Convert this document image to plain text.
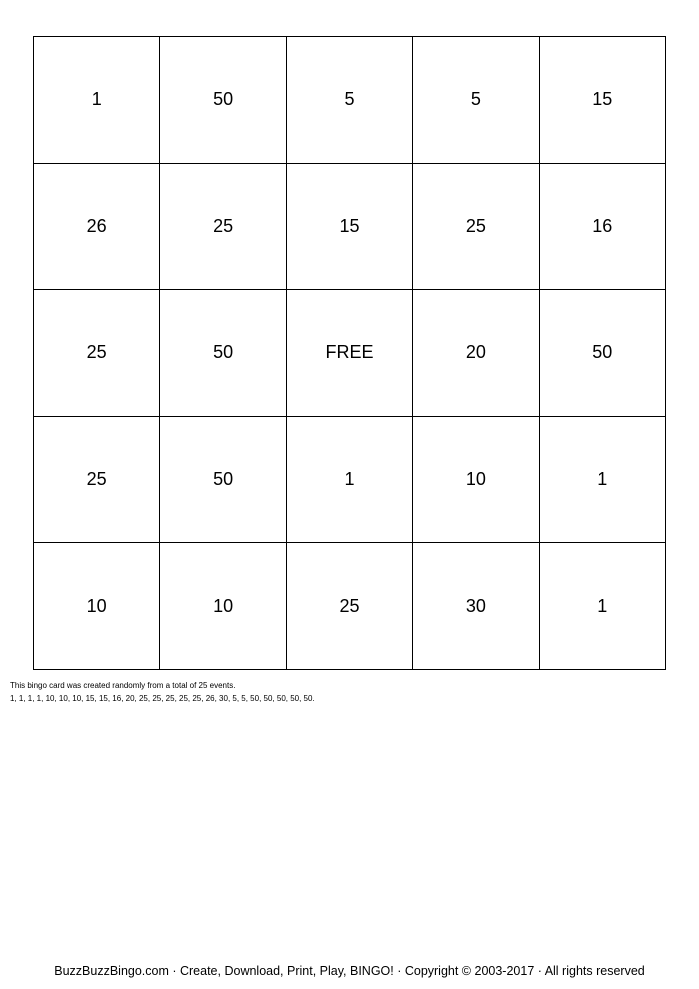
1	50	5	5	15
26	25	15	25	16
25	50	FREE	20	50
25	50	1	10	1
10	10	25	30	1
This bingo card was created randomly from a total of 25 events.
1, 1, 1, 1, 10, 10, 10, 15, 15, 16, 20, 25, 25, 25, 25, 25, 26, 30, 5, 5, 50, 50, 50, 50, 50.
BuzzBuzzBingo.com · Create, Download, Print, Play, BINGO! · Copyright © 2003-2017 · All rights reserved
